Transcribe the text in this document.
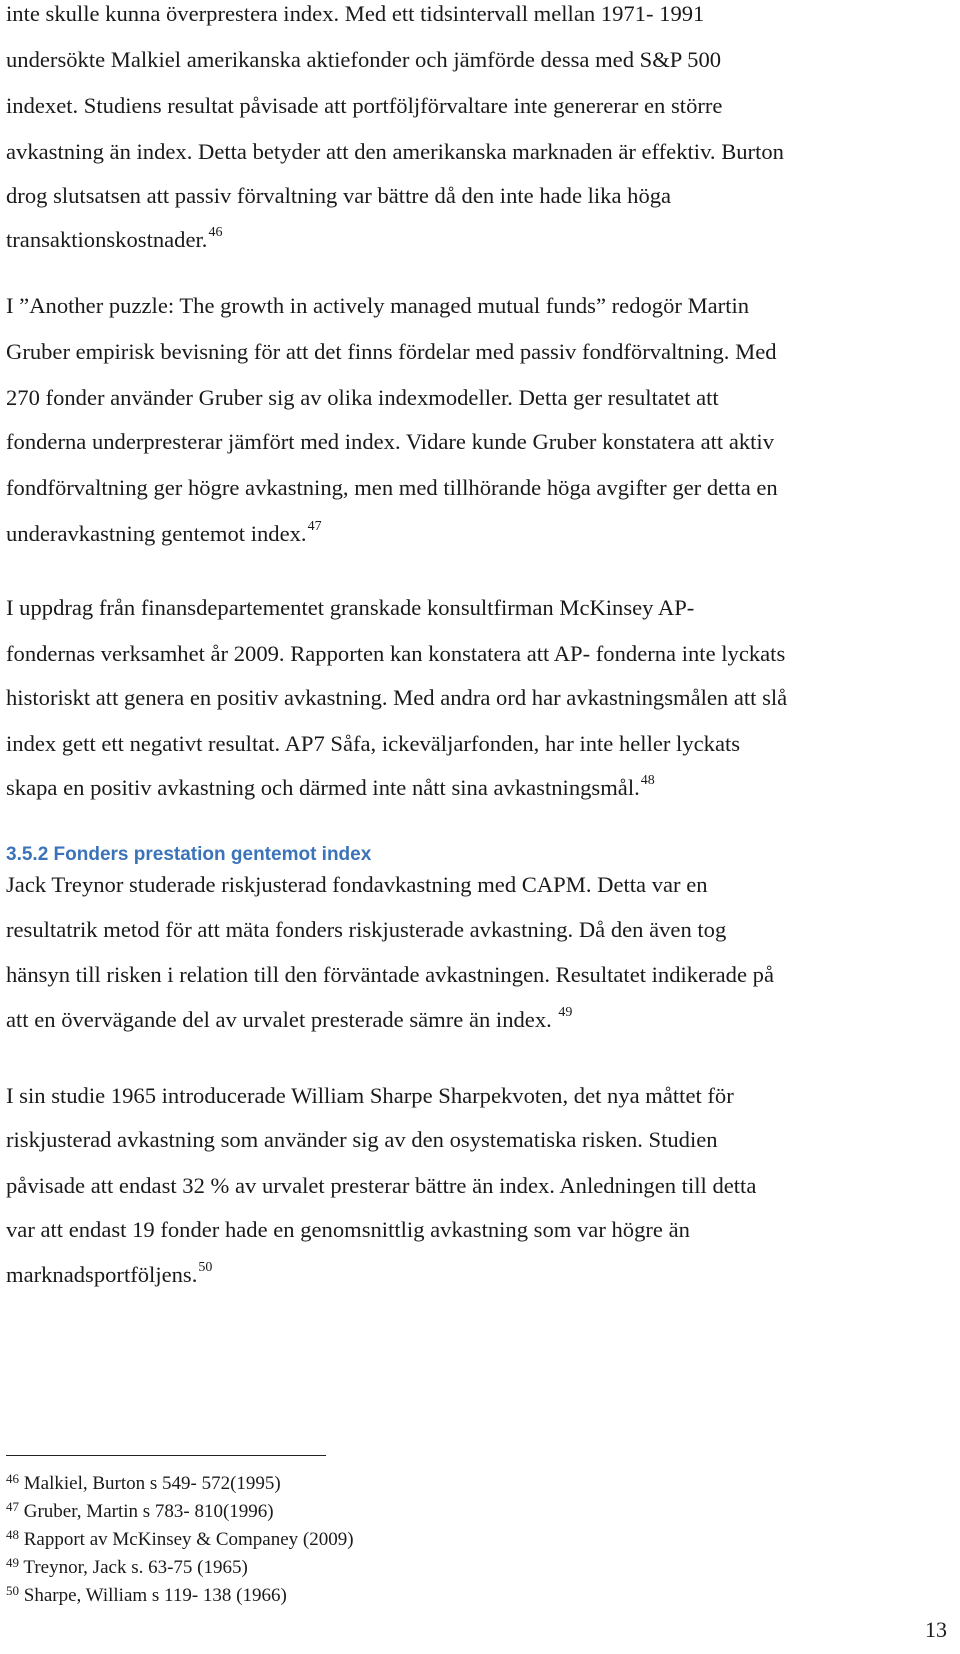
inte skulle kunna överprestera index. Med ett tidsintervall mellan 1971- 1991
undersökte Malkiel amerikanska aktiefonder och jämförde dessa med S&P 500
indexet. Studiens resultat påvisade att portföljförvaltare inte genererar en större
avkastning än index. Detta betyder att den amerikanska marknaden är effektiv. Burton
drog slutsatsen att passiv förvaltning var bättre då den inte hade lika höga
transaktionskostnader.$^{46}$
I ”Another puzzle: The growth in actively managed mutual funds” redogör Martin
Gruber empirisk bevisning för att det finns fördelar med passiv fondförvaltning. Med
270 fonder använder Gruber sig av olika indexmodeller. Detta ger resultatet att
fonderna underpresterar jämfört med index. Vidare kunde Gruber konstatera att aktiv
fondförvaltning ger högre avkastning, men med tillhörande höga avgifter ger detta en
underavkastning gentemot index.$^{47}$
I uppdrag från finansdepartementet granskade konsultfirman McKinsey AP-
fondernas verksamhet år 2009. Rapporten kan konstatera att AP- fonderna inte lyckats
historiskt att genera en positiv avkastning. Med andra ord har avkastningsmålen att slå
index gett ett negativt resultat. AP7 Såfa, ickeväljarfonden, har inte heller lyckats
skapa en positiv avkastning och därmed inte nått sina avkastningsmål.$^{48}$
3.5.2 Fonders prestation gentemot index
Jack Treynor studerade riskjusterad fondavkastning med CAPM. Detta var en
resultatrik metod för att mäta fonders riskjusterade avkastning. Då den även tog
hänsyn till risken i relation till den förväntade avkastningen. Resultatet indikerade på
att en övervägande del av urvalet presterade sämre än index. $^{49}$
I sin studie 1965 introducerade William Sharpe Sharpekvoten, det nya måttet för
riskjusterad avkastning som använder sig av den osystematiska risken. Studien
påvisade att endast 32 % av urvalet presterar bättre än index. Anledningen till detta
var att endast 19 fonder hade en genomsnittlig avkastning som var högre än
marknadsportföljens.$^{50}$
$^{46}$ Malkiel, Burton s 549- 572(1995)
$^{47}$ Gruber, Martin s 783- 810(1996)
$^{48}$ Rapport av McKinsey & Companey (2009)
$^{49}$ Treynor, Jack s. 63-75 (1965)
$^{50}$ Sharpe, William s 119- 138 (1966)
13
